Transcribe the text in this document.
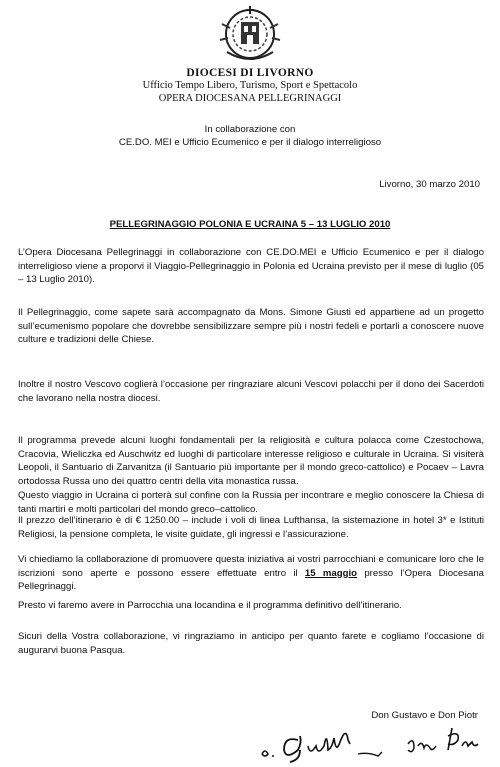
DIOCESI DI LIVORNO
Ufficio Tempo Libero, Turismo, Sport e Spettacolo
OPERA DIOCESANA PELLEGRINAGGI
In collaborazione con
CE.DO. MEI e Ufficio Ecumenico e per il dialogo interreligioso
Livorno, 30 marzo 2010
PELLEGRINAGGIO POLONIA E UCRAINA 5 – 13 LUGLIO 2010

L’Opera Diocesana Pellegrinaggi in collaborazione con CE.DO.MEI e Ufficio Ecumenico e per il dialogo interreligioso viene a proporvi il Viaggio-Pellegrinaggio in Polonia ed Ucraina previsto per il mese di luglio (05 – 13 Luglio 2010).

Il Pellegrinaggio, come sapete sarà accompagnato da Mons. Simone Giusti ed appartiene ad un progetto sull’ecumenismo popolare che dovrebbe sensibilizzare sempre più i nostri fedeli e portarli a conoscere nuove culture e tradizioni delle Chiese.

Inoltre il nostro Vescovo coglierà l’occasione per ringraziare alcuni Vescovi polacchi per il dono dei Sacerdoti che lavorano nella nostra diocesi.

Il programma prevede alcuni luoghi fondamentali per la religiosità e cultura polacca come Czestochowa, Cracovia, Wieliczka ed Auschwitz ed luoghi di particolare interesse religioso e culturale in Ucraina. Si visiterà Leopoli, il Santuario di Zarvanitza (il Santuario più importante per il mondo greco-cattolico) e Pocaev – Lavra ortodossa Russa uno dei quattro centri della vita monastica russa.
Questo viaggio in Ucraina ci porterà sul confine con la Russia per incontrare e meglio conoscere la Chiesa di tanti martiri e molti particolari del mondo greco–cattolico.

Il prezzo dell’itinerario è di € 1250.00 – include i voli di linea Lufthansa, la sistemazione in hotel 3* e Istituti Religiosi, la pensione completa, le visite guidate, gli ingressi e l’assicurazione.

Vi chiediamo la collaborazione di promuovere questa iniziativa ai vostri parrocchiani e comunicare loro che le iscrizioni sono aperte e possono essere effettuate entro il 15 maggio presso l’Opera Diocesana Pellegrinaggi.

Presto vi faremo avere in Parrocchia una locandina e il programma definitivo dell’itinerario.

Sicuri della Vostra collaborazione, vi ringraziamo in anticipo per quanto farete e cogliamo l’occasione di augurarvi buona Pasqua.

Don Gustavo e Don Piotr
